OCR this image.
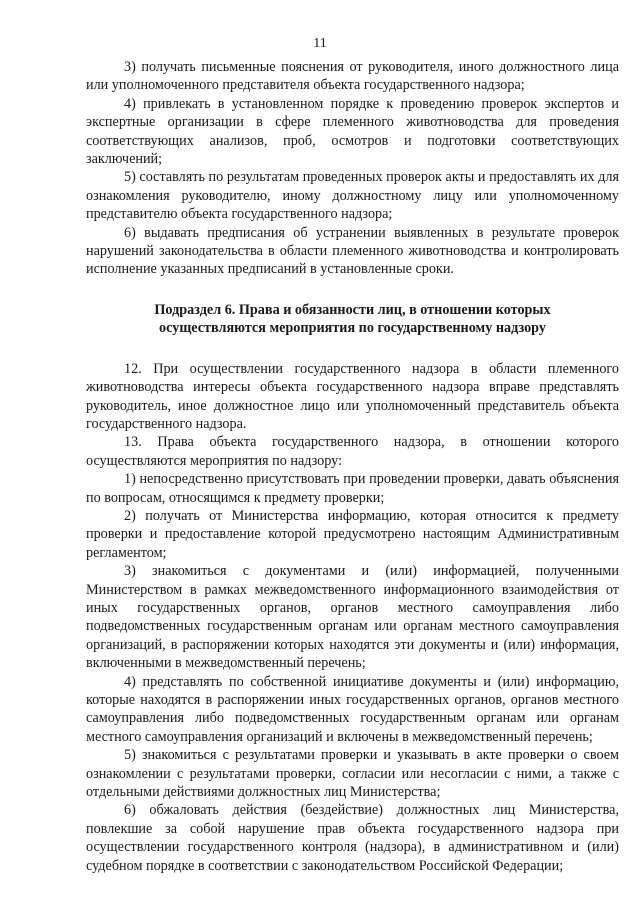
11

3) получать письменные пояснения от руководителя, иного должностного лица или уполномоченного представителя объекта государственного надзора;

4) привлекать в установленном порядке к проведению проверок экспертов и экспертные организации в сфере племенного животноводства для проведения соответствующих анализов, проб, осмотров и подготовки соответствующих заключений;

5) составлять по результатам проведенных проверок акты и предоставлять их для ознакомления руководителю, иному должностному лицу или уполномоченному представителю объекта государственного надзора;

6) выдавать предписания об устранении выявленных в результате проверок нарушений законодательства в области племенного животноводства и контролировать исполнение указанных предписаний в установленные сроки.

Подраздел 6. Права и обязанности лиц, в отношении которых

осуществляются мероприятия по государственному надзору

12. При осуществлении государственного надзора в области племенного животноводства интересы объекта государственного надзора вправе представлять руководитель, иное должностное лицо или уполномоченный представитель объекта государственного надзора.

13. Права объекта государственного надзора, в отношении которого осуществляются мероприятия по надзору:

1) непосредственно присутствовать при проведении проверки, давать объяснения по вопросам, относящимся к предмету проверки;

2) получать от Министерства информацию, которая относится к предмету проверки и предоставление которой предусмотрено настоящим Административным регламентом;

3) знакомиться с документами и (или) информацией, полученными Министерством в рамках межведомственного информационного взаимодействия от иных государственных органов, органов местного самоуправления либо подведомственных государственным органам или органам местного самоуправления организаций, в распоряжении которых находятся эти документы и (или) информация, включенными в межведомственный перечень;

4) представлять по собственной инициативе документы и (или) информацию, которые находятся в распоряжении иных государственных органов, органов местного самоуправления либо подведомственных государственным органам или органам местного самоуправления организаций и включены в межведомственный перечень;

5) знакомиться с результатами проверки и указывать в акте проверки о своем ознакомлении с результатами проверки, согласии или несогласии с ними, а также с отдельными действиями должностных лиц Министерства;

6) обжаловать действия (бездействие) должностных лиц Министерства, повлекшие за собой нарушение прав объекта государственного надзора при осуществлении государственного контроля (надзора), в административном и (или) судебном порядке в соответствии с законодательством Российской Федерации;
